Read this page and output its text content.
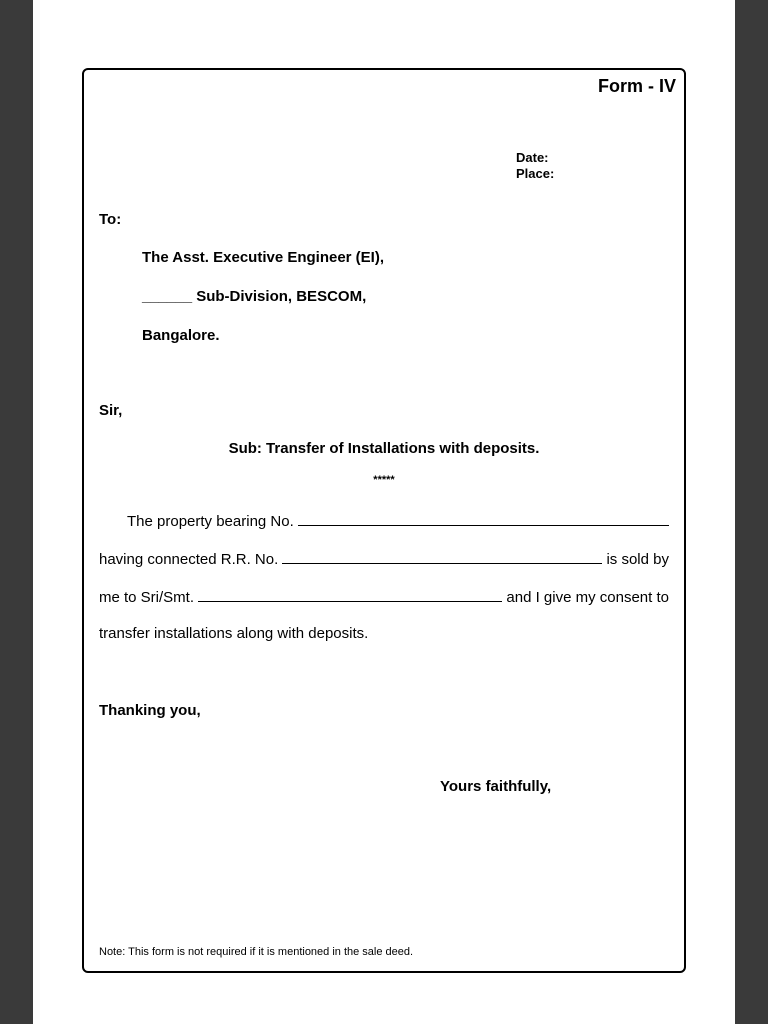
Form - IV
Date:
Place:
To:
The Asst. Executive Engineer (EI),
______ Sub-Division, BESCOM,
Bangalore.
Sir,
Sub: Transfer of Installations with deposits.
*****
The property bearing No.
having connected R.R. No.	is sold by
me to Sri/Smt.	and I give my consent to
transfer installations along with deposits.
Thanking you,
Yours faithfully,
Note: This form is not required if it is mentioned in the sale deed.
